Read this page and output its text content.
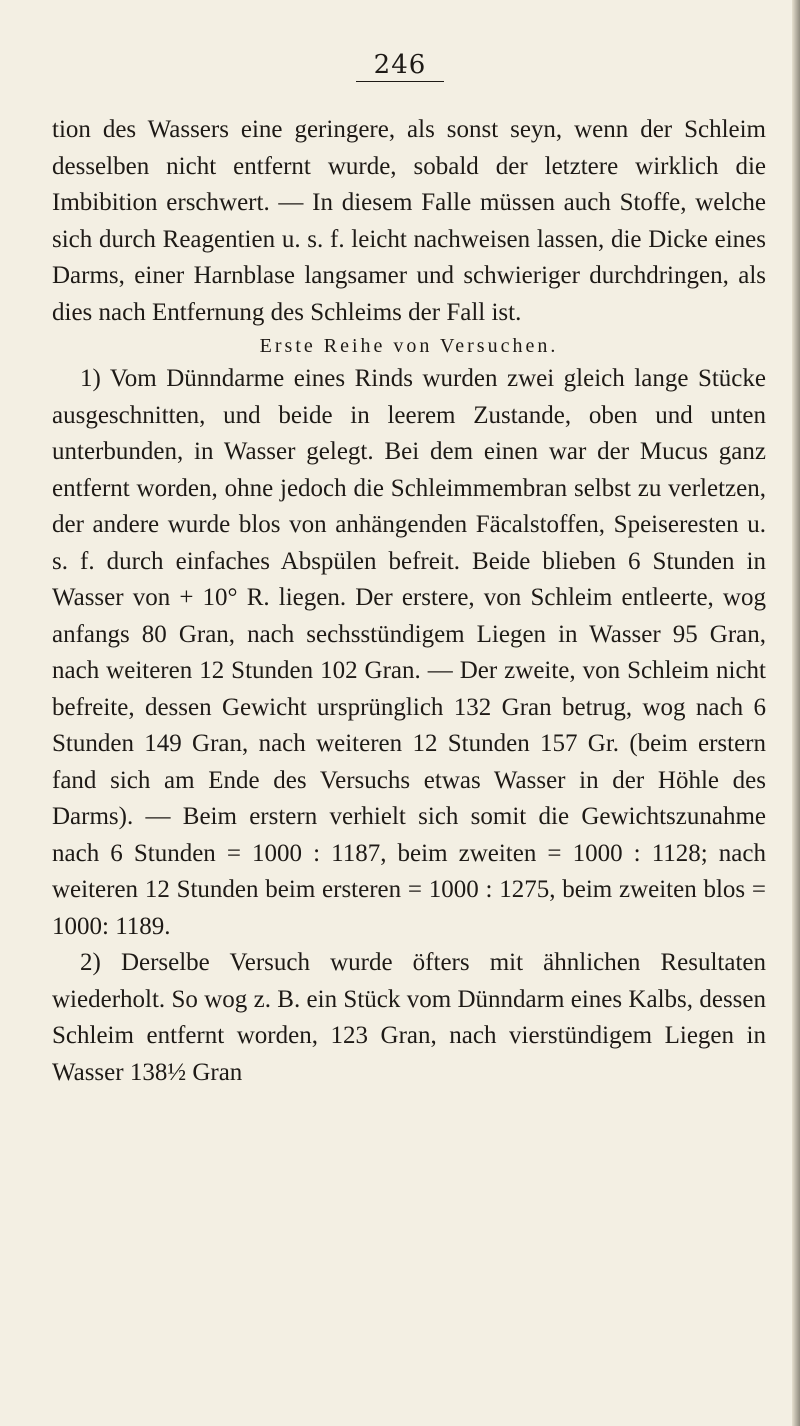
246

tion des Wassers eine geringere, als sonst seyn, wenn der Schleim desselben nicht entfernt wurde, sobald der letztere wirklich die Imbibition erschwert. — In diesem Falle müssen auch Stoffe, welche sich durch Reagentien u. s. f. leicht nachweisen lassen, die Dicke eines Darms, einer Harnblase langsamer und schwieriger durchdringen, als dies nach Entfernung des Schleims der Fall ist.

Erste Reihe von Versuchen.

1) Vom Dünndarme eines Rinds wurden zwei gleich lange Stücke ausgeschnitten, und beide in leerem Zustande, oben und unten unterbunden, in Wasser gelegt. Bei dem einen war der Mucus ganz entfernt worden, ohne jedoch die Schleimmembran selbst zu verletzen, der andere wurde blos von anhängenden Fäcalstoffen, Speiseresten u. s. f. durch einfaches Abspülen befreit. Beide blieben 6 Stunden in Wasser von + 10° R. liegen. Der erstere, von Schleim entleerte, wog anfangs 80 Gran, nach sechsstündigem Liegen in Wasser 95 Gran, nach weiteren 12 Stunden 102 Gran. — Der zweite, von Schleim nicht befreite, dessen Gewicht ursprünglich 132 Gran betrug, wog nach 6 Stunden 149 Gran, nach weiteren 12 Stunden 157 Gr. (beim erstern fand sich am Ende des Versuchs etwas Wasser in der Höhle des Darms). — Beim erstern verhielt sich somit die Gewichtszunahme nach 6 Stunden = 1000 : 1187, beim zweiten = 1000 : 1128; nach weiteren 12 Stunden beim ersteren = 1000 : 1275, beim zweiten blos = 1000: 1189.

2) Derselbe Versuch wurde öfters mit ähnlichen Resultaten wiederholt. So wog z. B. ein Stück vom Dünndarm eines Kalbs, dessen Schleim entfernt worden, 123 Gran, nach vierstündigem Liegen in Wasser 138½ Gran
